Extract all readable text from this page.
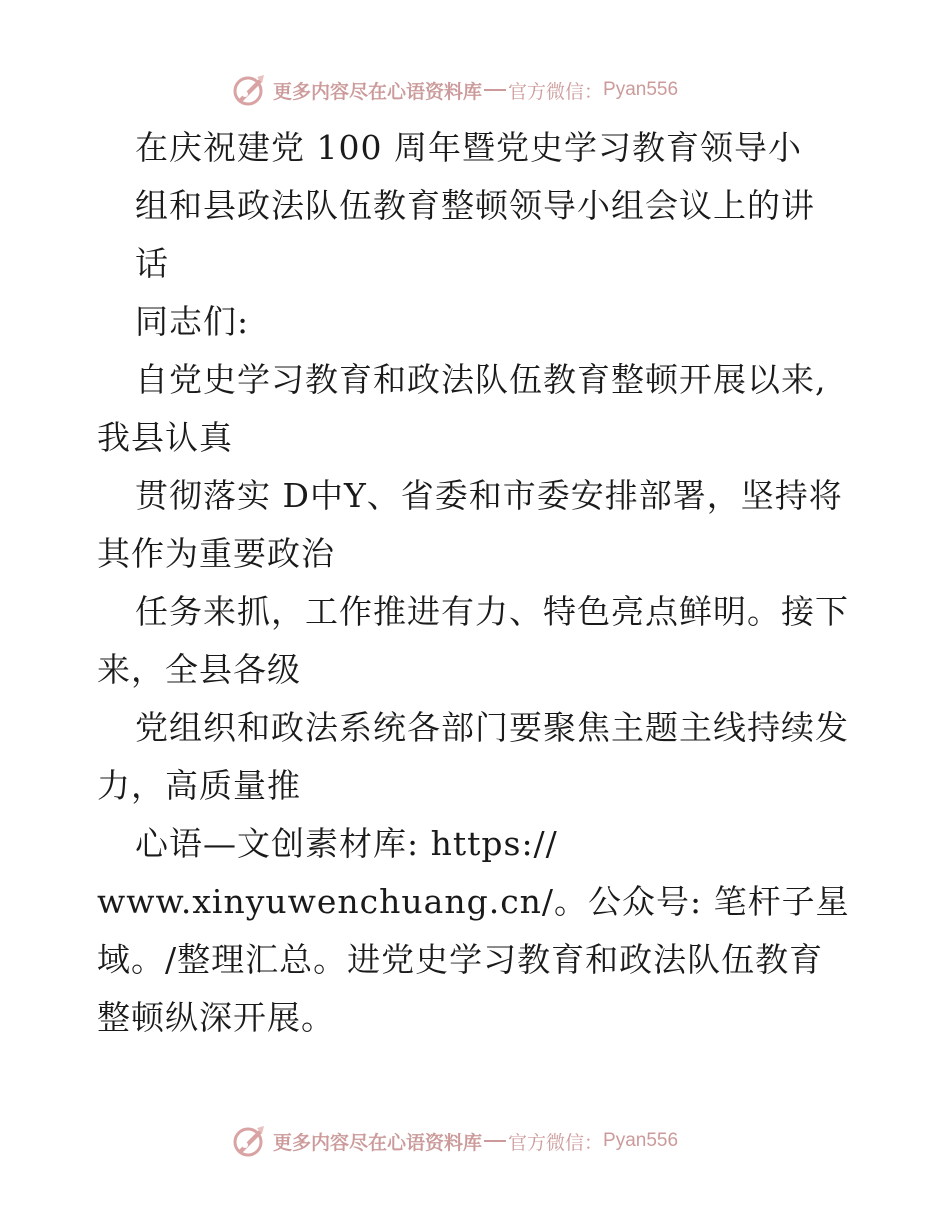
更多内容尽在心语资料库 官方微信： Pyan556
在庆祝建党 100 周年暨党史学习教育领导小
组和县政法队伍教育整顿领导小组会议上的讲
话
同志们:
自党史学习教育和政法队伍教育整顿开展以来,
我县认真
贯彻落实 D中Y、省委和市委安排部署，坚持将
其作为重要政治
任务来抓，工作推进有力、特色亮点鲜明。接下
来，全县各级
党组织和政法系统各部门要聚焦主题主线持续发
力，高质量推
心语—文创素材库: https://
www.xinyuwenchuang.cn/。公众号: 笔杆子星
域。/整理汇总。进党史学习教育和政法队伍教育
整顿纵深开展。
更多内容尽在心语资料库 官方微信： Pyan556
